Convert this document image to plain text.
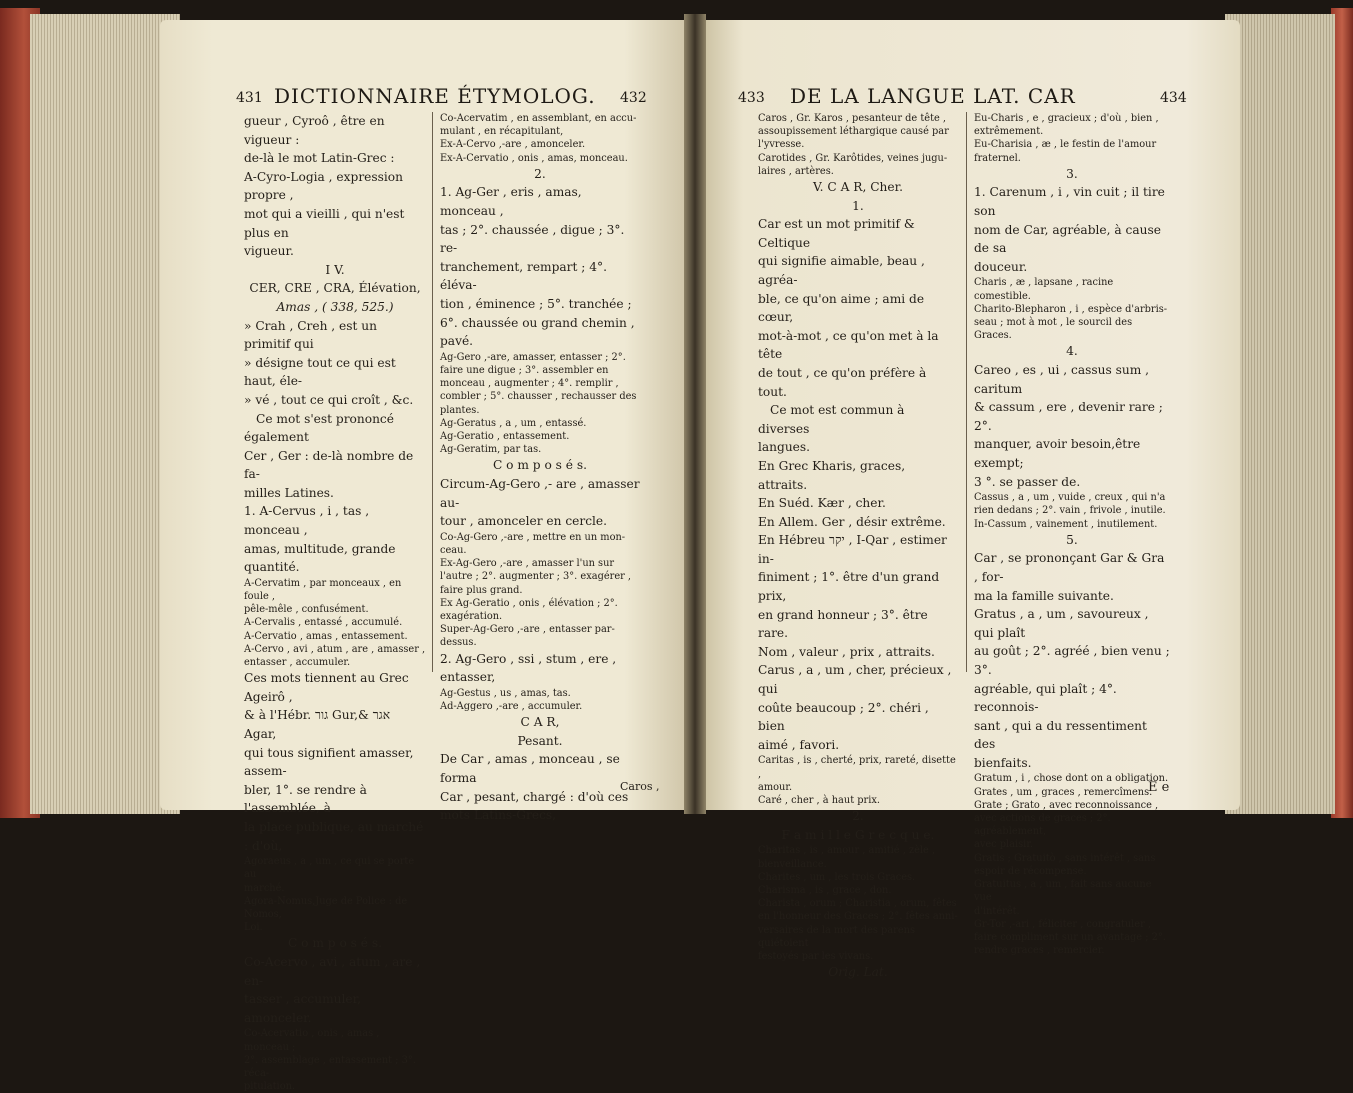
431 DICTIONNAIRE ÉTYMOLOG. 432	433 DE LA LANGUE LAT. CAR	434

gueur , Cyroô , être en vigueur :

de-là le mot Latin-Grec :

A-Cyro-Logia , expression propre ,

mot qui a vieilli , qui n'est plus en

vigueur.

I V.

CER, CRE , CRA, Élévation,

Amas , ( 338, 525.)

» Crah , Creh , est un primitif qui

» désigne tout ce qui est haut, éle-

» vé , tout ce qui croît , &c.

Ce mot s'est prononcé également

Cer , Ger : de-là nombre de fa-

milles Latines.

1. A-Cervus , i , tas , monceau ,

amas, multitude, grande quantité.

A-Cervatim , par monceaux , en foule ,

pêle-mêle , confusément.

A-Cervalis , entassé , accumulé.

A-Cervatio , amas , entassement.

A-Cervo , avi , atum , are , amasser ,

entasser , accumuler.

Ces mots tiennent au Grec Ageirô ,

& à l'Hébr. גור Gur,& אגר Agar,

qui tous signifient amasser, assem-

bler, 1°. se rendre à l'assemblée, à

la place publique, au marché : d'où,

Agoraeus , a , um , ce qui se porte au

marché.

Agora-Nomus,Juge de Police : de Nomos,

Loi.

C o m p o s é s.

Co-Acervo , avi , atum , are , en-

tasser , accumuler, amonceler.

Co-Acervatio , onis , amas , monceau ;

2°. assemblage , entassement ; 3°. réca-

pitulation.

Co-Acervatim , en assemblant, en accu-

mulant , en récapitulant,

Ex-A-Cervo ,-are , amonceler.

Ex-A-Cervatio , onis , amas, monceau.

2.

1. Ag-Ger , eris , amas, monceau ,

tas ; 2°. chaussée , digue ; 3°. re-

tranchement, rempart ; 4°. éléva-

tion , éminence ; 5°. tranchée ;

6°. chaussée ou grand chemin ,

pavé.

Ag-Gero ,-are, amasser, entasser ; 2°.

faire une digue ; 3°. assembler en

monceau , augmenter ; 4°. remplir ,

combler ; 5°. chausser , rechausser des

plantes.

Ag-Geratus , a , um , entassé.

Ag-Geratio , entassement.

Ag-Geratim, par tas.

C o m p o s é s.

Circum-Ag-Gero ,- are , amasser au-

tour , amonceler en cercle.

Co-Ag-Gero ,-are , mettre en un mon-

ceau.

Ex-Ag-Gero ,-are , amasser l'un sur

l'autre ; 2°. augmenter ; 3°. exagérer ,

faire plus grand.

Ex Ag-Geratio , onis , élévation ; 2°.

exagération.

Super-Ag-Gero ,-are , entasser par-

dessus.

2. Ag-Gero , ssi , stum , ere , entasser,

Ag-Gestus , us , amas, tas.

Ad-Aggero ,-are , accumuler.

C A R,

Pesant.

De Car , amas , monceau , se forma

Car , pesant, chargé : d'où ces

mots Latins-Grecs,

Caros ,

Caros , Gr. Karos , pesanteur de tête ,

assoupissement léthargique causé par

l'yvresse.

Carotides , Gr. Karôtides, veines jugu-

laires , artères.

V. C A R, Cher.

1.

Car est un mot primitif & Celtique

qui signifie aimable, beau , agréa-

ble, ce qu'on aime ; ami de cœur,

mot-à-mot , ce qu'on met à la tête

de tout , ce qu'on préfère à tout.

Ce mot est commun à diverses

langues.

En Grec Kharis, graces, attraits.

En Suéd. Kær , cher.

En Allem. Ger , désir extrême.

En Hébreu יקר , I-Qar , estimer in-

finiment ; 1°. être d'un grand prix,

en grand honneur ; 3°. être rare.

Nom , valeur , prix , attraits.

Carus , a , um , cher, précieux , qui

coûte beaucoup ; 2°. chéri , bien

aimé , favori.

Caritas , is , cherté, prix, rareté, disette ,

amour.

Caré , cher , à haut prix.

2.

F a m i l l e G r e c q u e.

Charitas , is , amour , amitié , zèle ,

bienveillance.

Charites , um , les trois Graces.

Charisma , is , grace , don.

Charista , orum ; Charistia , orum, fêtes

en l'honneur des Graces ; 2°. fêtes anni-

versaires de la mort des parens quiétoient

festoyés par les vivans.

Orig. Lat.

Eu-Charis , e , gracieux ; d'où , bien ,

extrêmement.

Eu-Charisia , æ , le festin de l'amour

fraternel.

3.

1. Carenum , i , vin cuit ; il tire son

nom de Car, agréable, à cause de sa

douceur.

Charis , æ , lapsane , racine comestible.

Charito-Blepharon , i , espèce d'arbris-

seau ; mot à mot , le sourcil des Graces.

4.

Careo , es , ui , cassus sum , caritum

& cassum , ere , devenir rare ; 2°.

manquer, avoir besoin,être exempt;

3 °. se passer de.

Cassus , a , um , vuide , creux , qui n'a

rien dedans ; 2°. vain , frivole , inutile.

In-Cassum , vainement , inutilement.

5.

Car , se prononçant Gar & Gra , for-

ma la famille suivante.

Gratus , a , um , savoureux , qui plaît

au goût ; 2°. agréé , bien venu ; 3°.

agréable, qui plaît ; 4°. reconnois-

sant , qui a du ressentiment des

bienfaits.

Gratum , i , chose dont on a obligation.

Grates , um , graces , remercîmens.

Grate ; Grato , avec reconnoissance ,

avec actions de graces ; 2°. agréablement,

avec plaisir.

Gratis ; Gratuitò , sans intérêt , sans

espoir de récompense.

Gratuitus , a , um , fait sans aucune vue

d'intérêt.

Gr-Tor ,-ari , féliciter , congratuler ,

faire compliment sur un avantage ; 2°.

rendre graces , remercier.

E e
